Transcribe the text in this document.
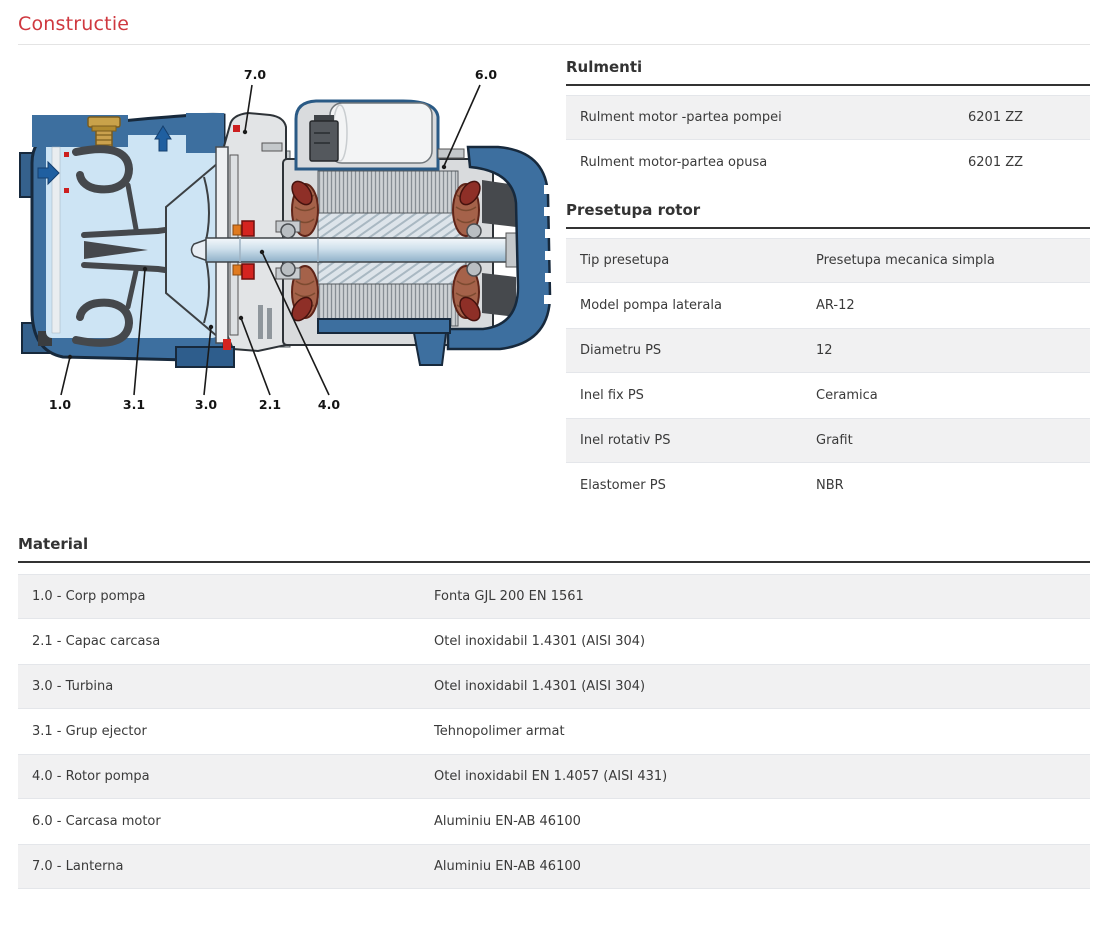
Constructie
7.0	6.0
1.0	3.1	3.0	2.1	4.0
Rulmenti
Rulment motor -partea pompei	6201 ZZ
Rulment motor-partea opusa	6201 ZZ
Presetupa rotor
Tip presetupa	Presetupa mecanica simpla
Model pompa laterala	AR-12
Diametru PS	12
Inel fix PS	Ceramica
Inel rotativ PS	Grafit
Elastomer PS	NBR
Material
1.0 - Corp pompa	Fonta GJL 200 EN 1561
2.1 - Capac carcasa	Otel inoxidabil 1.4301 (AISI 304)
3.0 - Turbina	Otel inoxidabil 1.4301 (AISI 304)
3.1 - Grup ejector	Tehnopolimer armat
4.0 - Rotor pompa	Otel inoxidabil EN 1.4057 (AISI 431)
6.0 - Carcasa motor	Aluminiu EN-AB 46100
7.0 - Lanterna	Aluminiu EN-AB 46100
